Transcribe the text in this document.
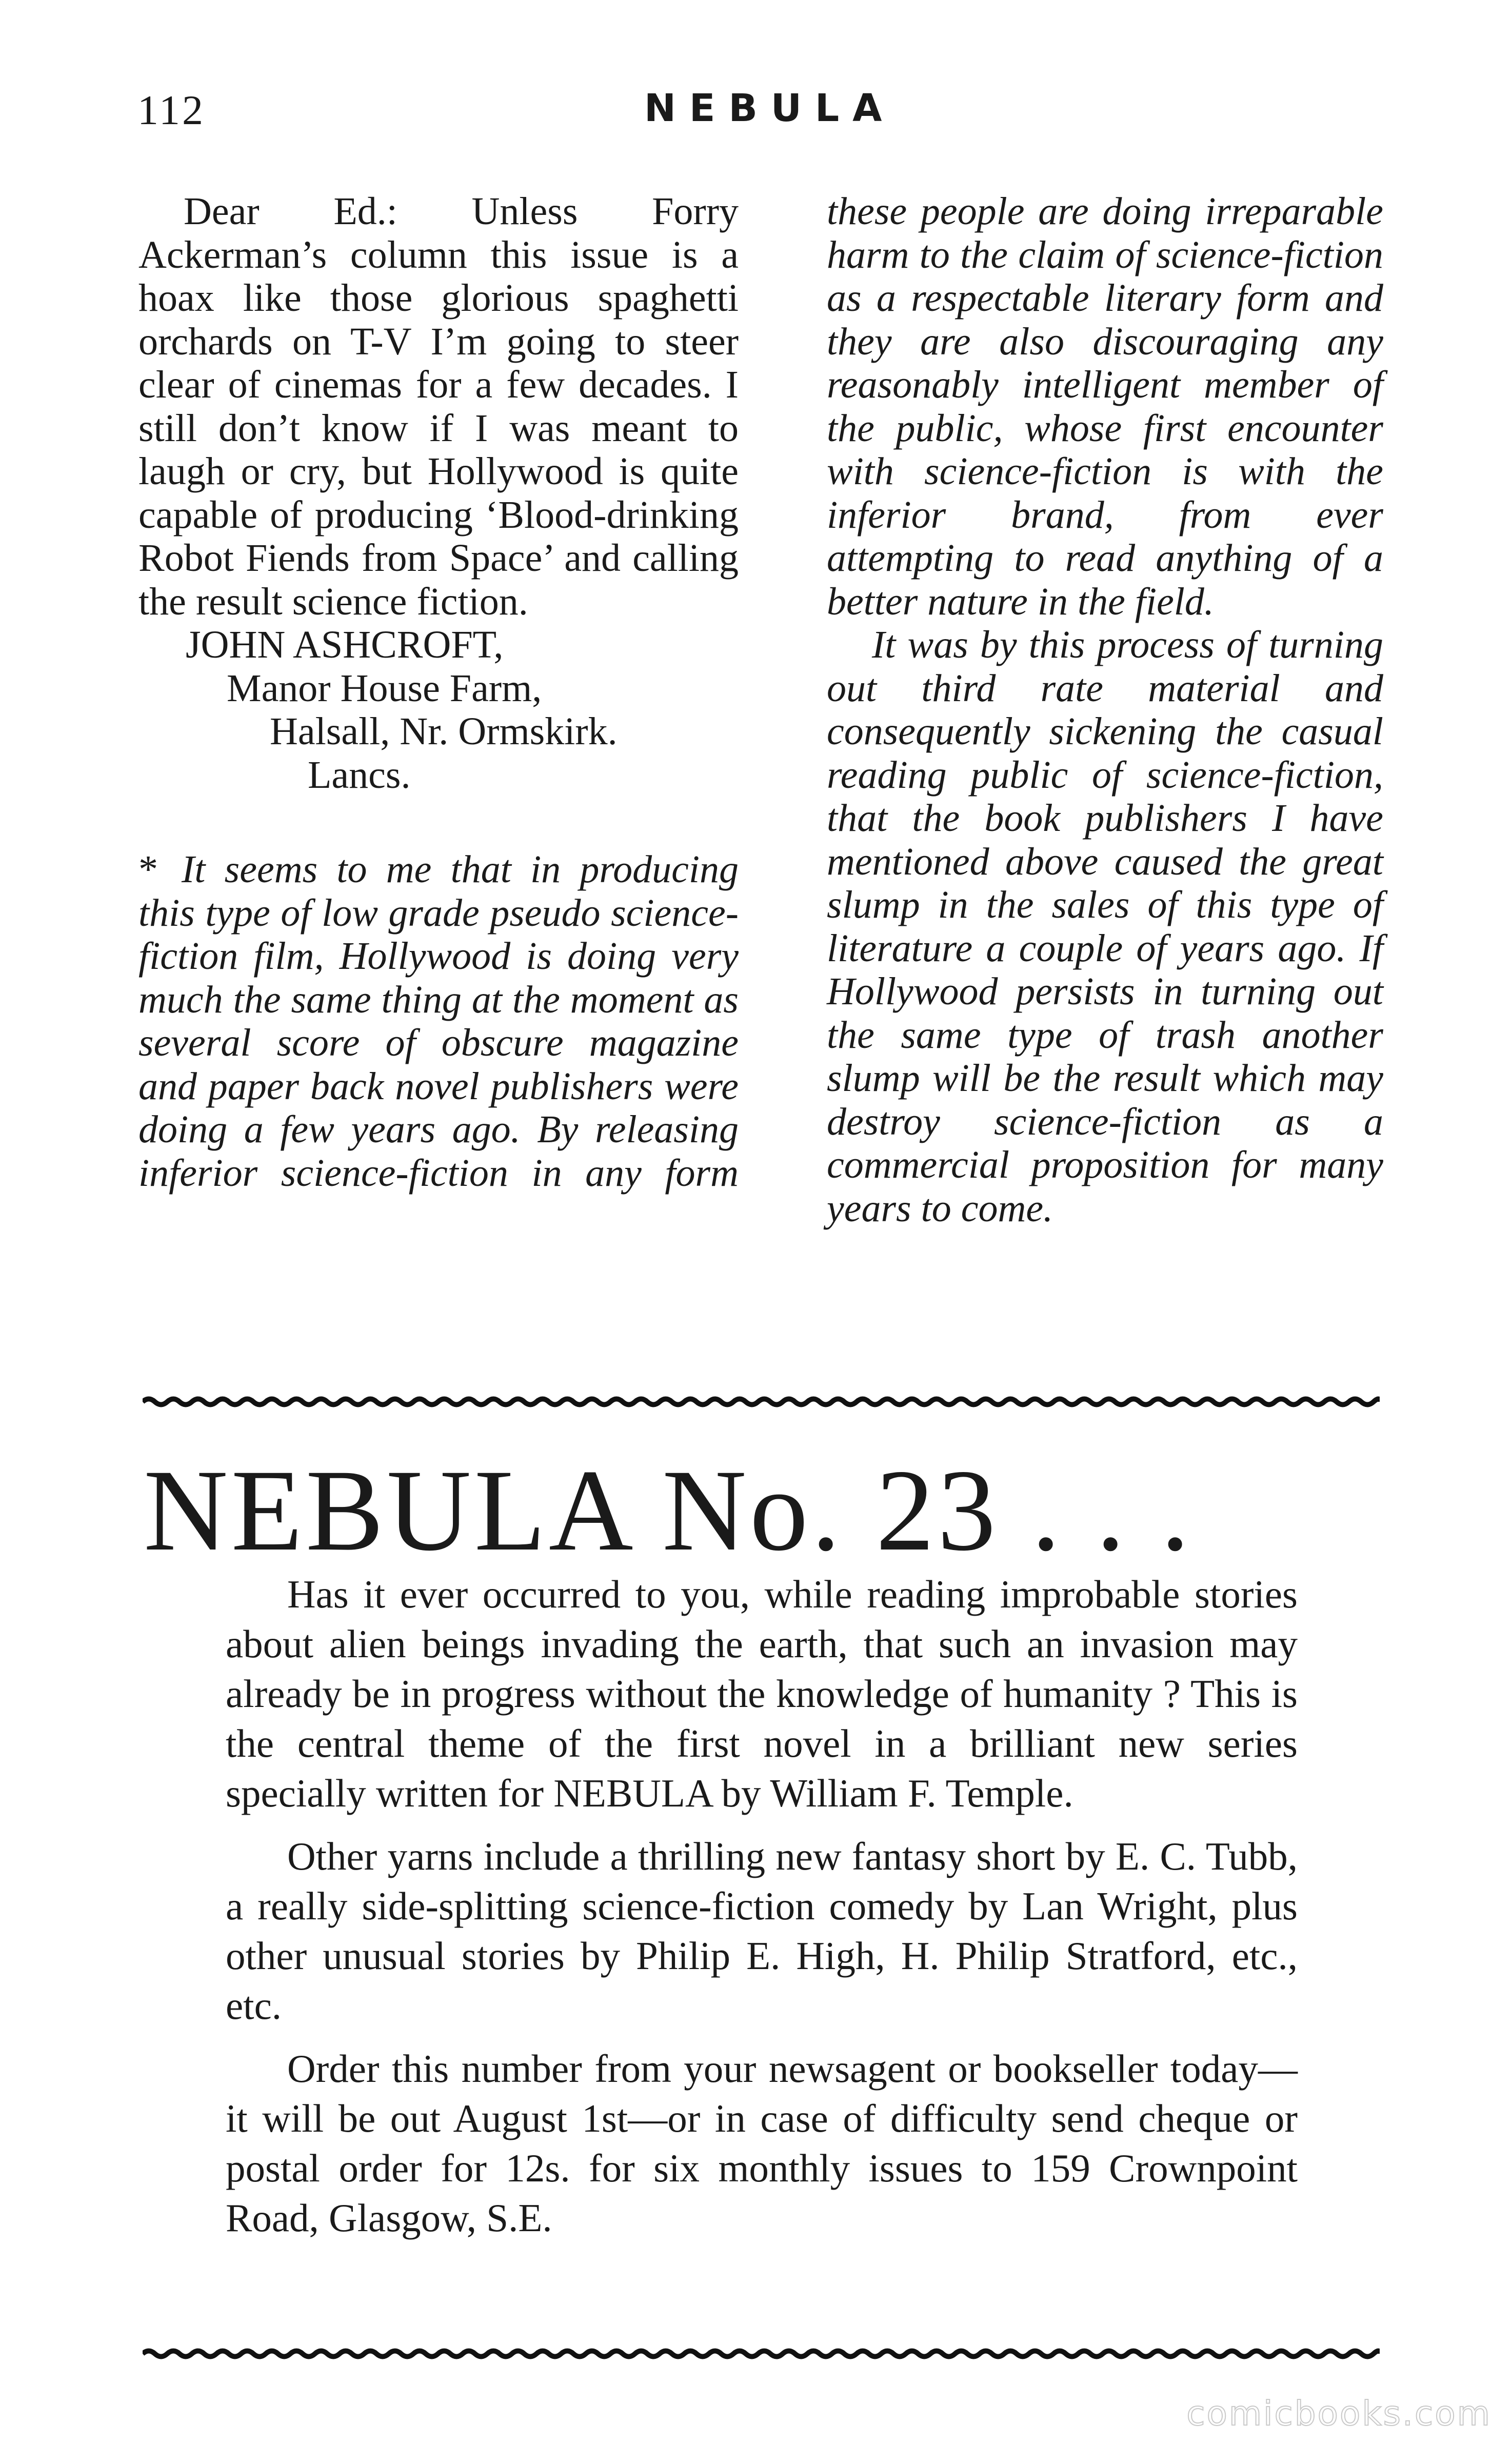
112	NEBULA

Dear Ed.: Unless Forry Ackerman’s column this issue is a hoax like those glorious spaghetti orchards on T-V I’m going to steer clear of cinemas for a few decades. I still don’t know if I was meant to laugh or cry, but Hollywood is quite capable of producing ‘Blood-drinking Robot Fiends from Space’ and calling the result science fiction.

JOHN ASHCROFT,

Manor House Farm,

Halsall, Nr. Ormskirk.

Lancs.

* It seems to me that in producing this type of low grade pseudo science-fiction film, Hollywood is doing very much the same thing at the moment as several score of obscure magazine and paper back novel publishers were doing a few years ago. By releasing inferior science-fiction in any form

these people are doing irreparable harm to the claim of science-fiction as a respectable literary form and they are also discouraging any reasonably intelligent member of the public, whose first encounter with science-fiction is with the inferior brand, from ever attempting to read anything of a better nature in the field.

It was by this process of turning out third rate material and consequently sickening the casual reading public of science-fiction, that the book publishers I have mentioned above caused the great slump in the sales of this type of literature a couple of years ago. If Hollywood persists in turning out the same type of trash another slump will be the result which may destroy science-fiction as a commercial proposition for many years to come.

NEBULA No. 23 . . .

Has it ever occurred to you, while reading improbable stories about alien beings invading the earth, that such an invasion may already be in progress without the knowledge of humanity ? This is the central theme of the first novel in a brilliant new series specially written for NEBULA by William F. Temple.

Other yarns include a thrilling new fantasy short by E. C. Tubb, a really side-splitting science-fiction comedy by Lan Wright, plus other unusual stories by Philip E. High, H. Philip Stratford, etc., etc.

Order this number from your newsagent or bookseller today—it will be out August 1st—or in case of difficulty send cheque or postal order for 12s. for six monthly issues to 159 Crownpoint Road, Glasgow, S.E.

comicbooks.com
